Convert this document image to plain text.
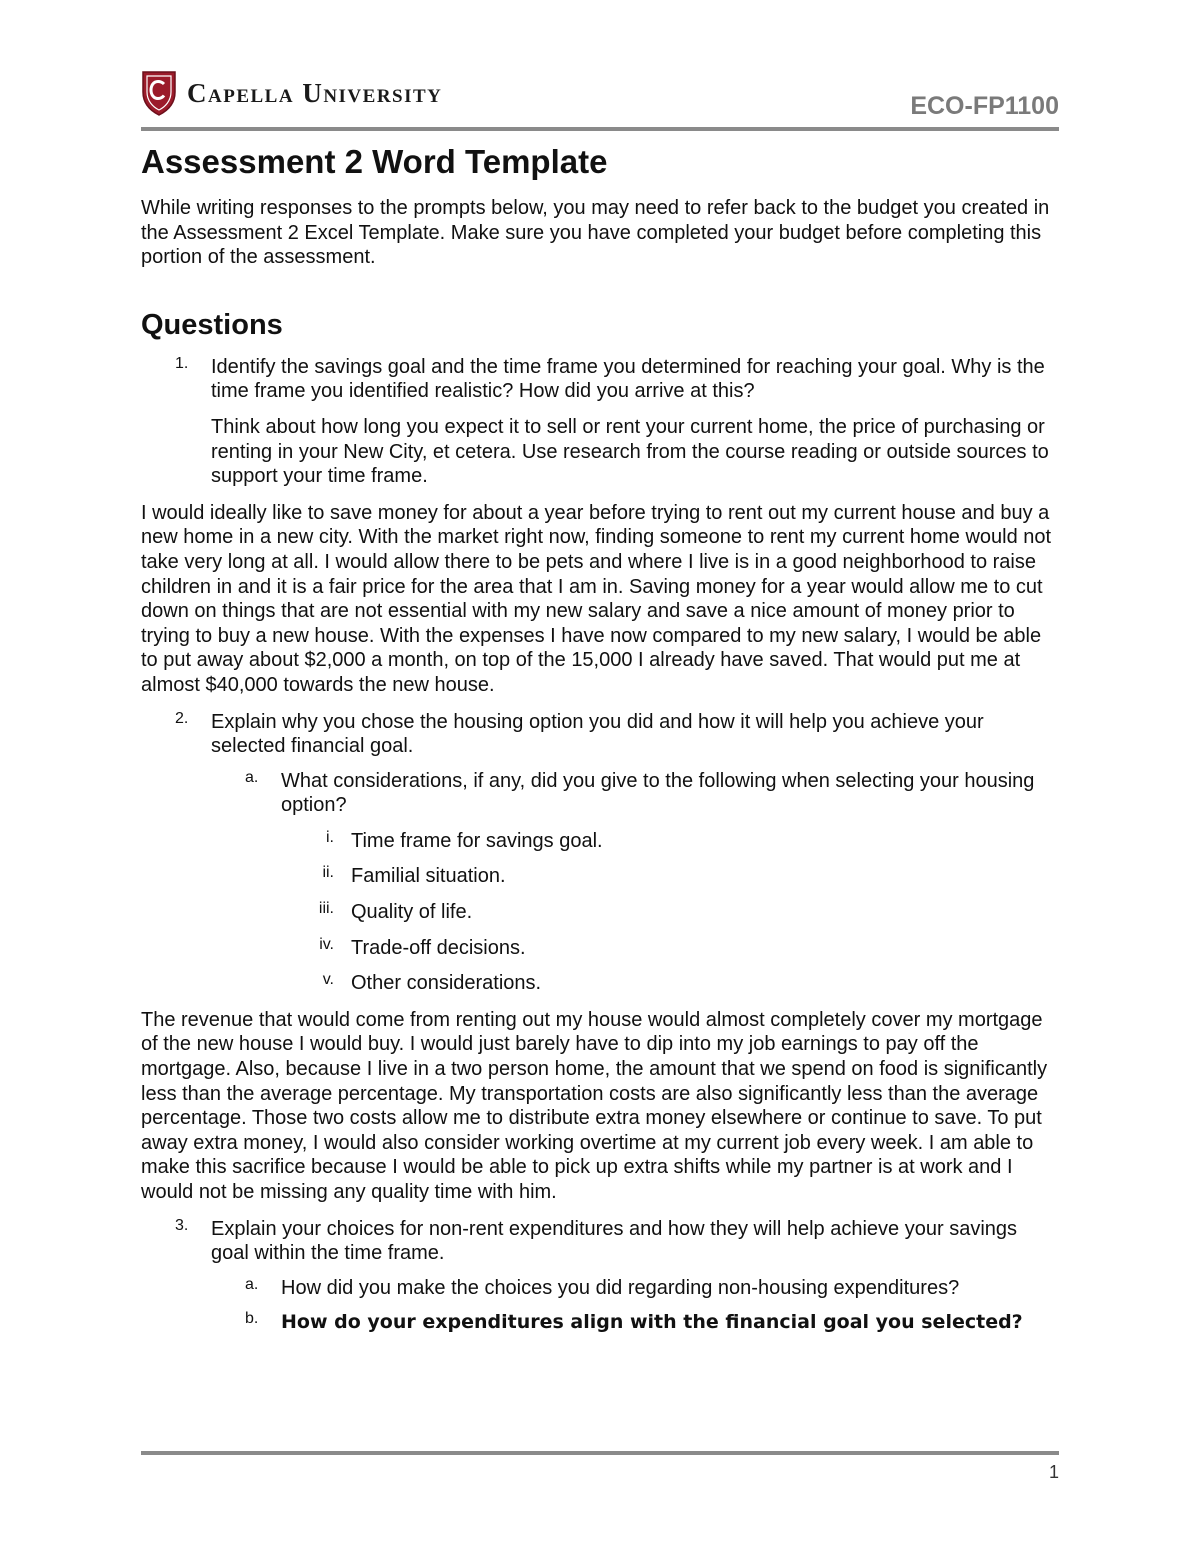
Capella University	ECO-FP1100
Assessment 2 Word Template

While writing responses to the prompts below, you may need to refer back to the budget you created in the Assessment 2 Excel Template. Make sure you have completed your budget before completing this portion of the assessment.

Questions
1.	Identify the savings goal and the time frame you determined for reaching your goal. Why is the time frame you identified realistic? How did you arrive at this?

Think about how long you expect it to sell or rent your current home, the price of purchasing or renting in your New City, et cetera. Use research from the course reading or outside sources to support your time frame.

I would ideally like to save money for about a year before trying to rent out my current house and buy a new home in a new city. With the market right now, finding someone to rent my current home would not take very long at all. I would allow there to be pets and where I live is in a good neighborhood to raise children in and it is a fair price for the area that I am in. Saving money for a year would allow me to cut down on things that are not essential with my new salary and save a nice amount of money prior to trying to buy a new house. With the expenses I have now compared to my new salary, I would be able to put away about $2,000 a month, on top of the 15,000 I already have saved. That would put me at almost $40,000 towards the new house.

2.	Explain why you chose the housing option you did and how it will help you achieve your selected financial goal.

a.	What considerations, if any, did you give to the following when selecting your housing option?

i. Time frame for savings goal.

ii. Familial situation.

iii. Quality of life.

iv. Trade-off decisions.

v. Other considerations.

The revenue that would come from renting out my house would almost completely cover my mortgage of the new house I would buy. I would just barely have to dip into my job earnings to pay off the mortgage. Also, because I live in a two person home, the amount that we spend on food is significantly less than the average percentage. My transportation costs are also significantly less than the average percentage. Those two costs allow me to distribute extra money elsewhere or continue to save. To put away extra money, I would also consider working overtime at my current job every week. I am able to make this sacrifice because I would be able to pick up extra shifts while my partner is at work and I would not be missing any quality time with him.

3.	Explain your choices for non-rent expenditures and how they will help achieve your savings goal within the time frame.

a.	How did you make the choices you did regarding non-housing expenditures?

b.	How do your expenditures align with the financial goal you selected?

1
